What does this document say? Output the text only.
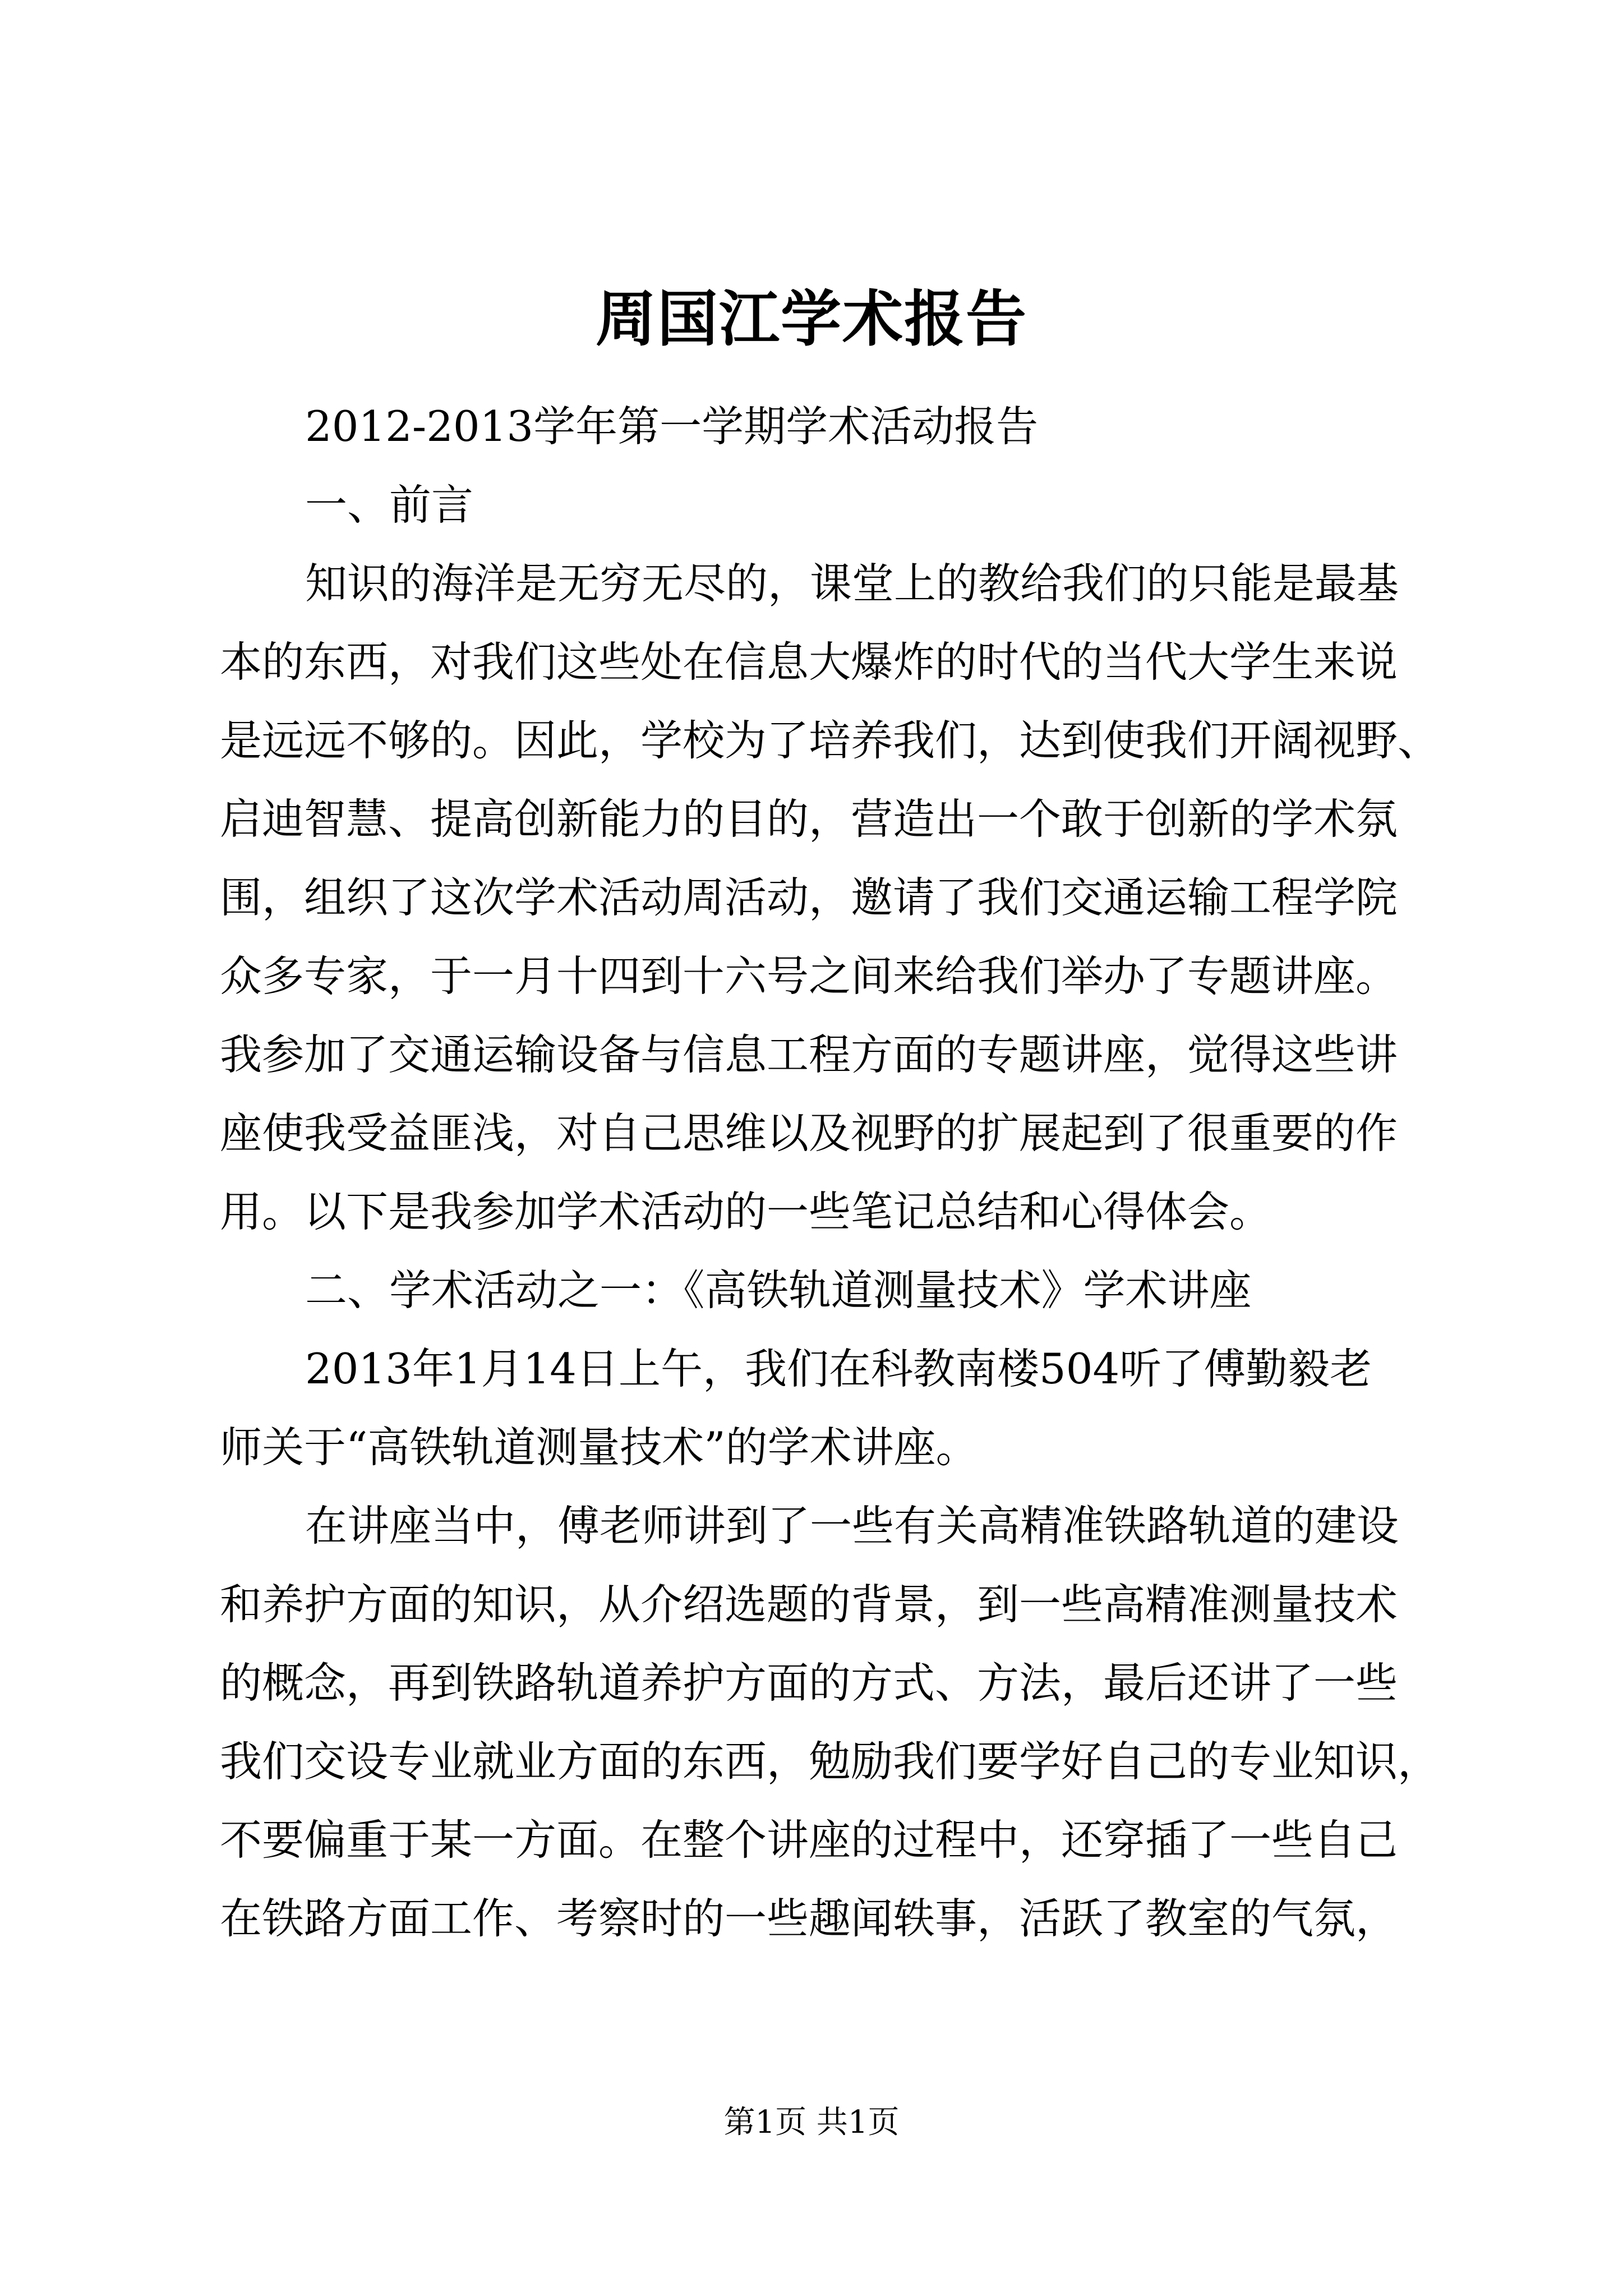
周国江学术报告
2012-2013学年第一学期学术活动报告
一、前言
知识的海洋是无穷无尽的，课堂上的教给我们的只能是最基
本的东西，对我们这些处在信息大爆炸的时代的当代大学生来说
是远远不够的。因此，学校为了培养我们，达到使我们开阔视野、
启迪智慧、提高创新能力的目的，营造出一个敢于创新的学术氛
围，组织了这次学术活动周活动，邀请了我们交通运输工程学院
众多专家，于一月十四到十六号之间来给我们举办了专题讲座。
我参加了交通运输设备与信息工程方面的专题讲座，觉得这些讲
座使我受益匪浅，对自己思维以及视野的扩展起到了很重要的作
用。以下是我参加学术活动的一些笔记总结和心得体会。
二、学术活动之一：《高铁轨道测量技术》学术讲座
2013年1月14日上午，我们在科教南楼504听了傅勤毅老
师关于“高铁轨道测量技术”的学术讲座。
在讲座当中，傅老师讲到了一些有关高精准铁路轨道的建设
和养护方面的知识，从介绍选题的背景，到一些高精准测量技术
的概念，再到铁路轨道养护方面的方式、方法，最后还讲了一些
我们交设专业就业方面的东西，勉励我们要学好自己的专业知识，
不要偏重于某一方面。在整个讲座的过程中，还穿插了一些自己
在铁路方面工作、考察时的一些趣闻轶事，活跃了教室的气氛，
第1页 共1页
